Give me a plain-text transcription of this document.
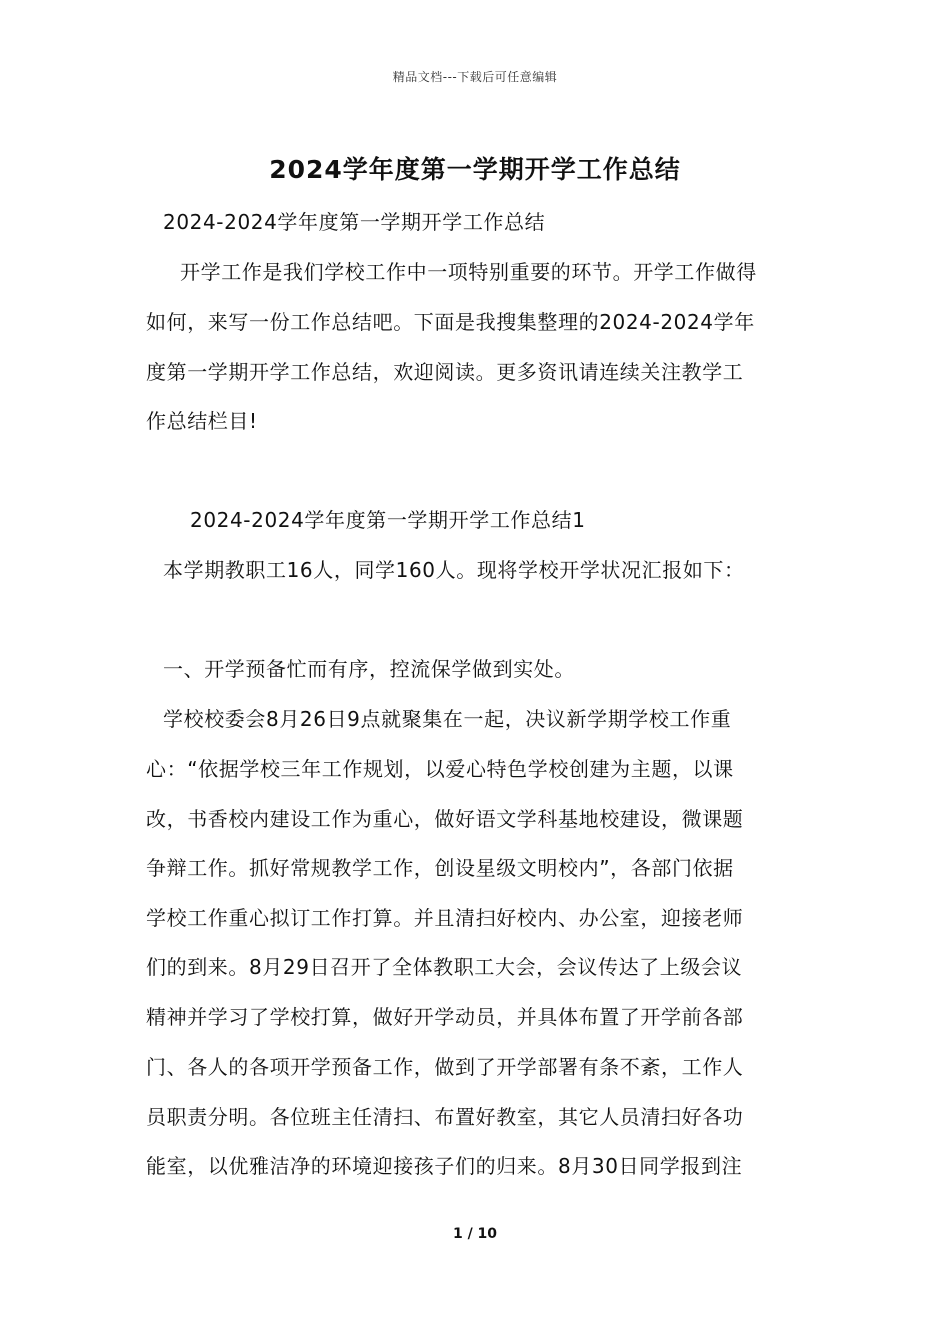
精品文档---下载后可任意编辑
2024学年度第一学期开学工作总结
2024-2024学年度第一学期开学工作总结
开学工作是我们学校工作中一项特别重要的环节。开学工作做得
如何，来写一份工作总结吧。下面是我搜集整理的2024-2024学年
度第一学期开学工作总结，欢迎阅读。更多资讯请连续关注教学工
作总结栏目!
2024-2024学年度第一学期开学工作总结1
本学期教职工16人，同学160人。现将学校开学状况汇报如下：
一、开学预备忙而有序，控流保学做到实处。
学校校委会8月26日9点就聚集在一起，决议新学期学校工作重
心：“依据学校三年工作规划，以爱心特色学校创建为主题，以课
改，书香校内建设工作为重心，做好语文学科基地校建设，微课题
争辩工作。抓好常规教学工作，创设星级文明校内”，各部门依据
学校工作重心拟订工作打算。并且清扫好校内、办公室，迎接老师
们的到来。8月29日召开了全体教职工大会，会议传达了上级会议
精神并学习了学校打算，做好开学动员，并具体布置了开学前各部
门、各人的各项开学预备工作，做到了开学部署有条不紊，工作人
员职责分明。各位班主任清扫、布置好教室，其它人员清扫好各功
能室，以优雅洁净的环境迎接孩子们的归来。8月30日同学报到注
1 / 10
